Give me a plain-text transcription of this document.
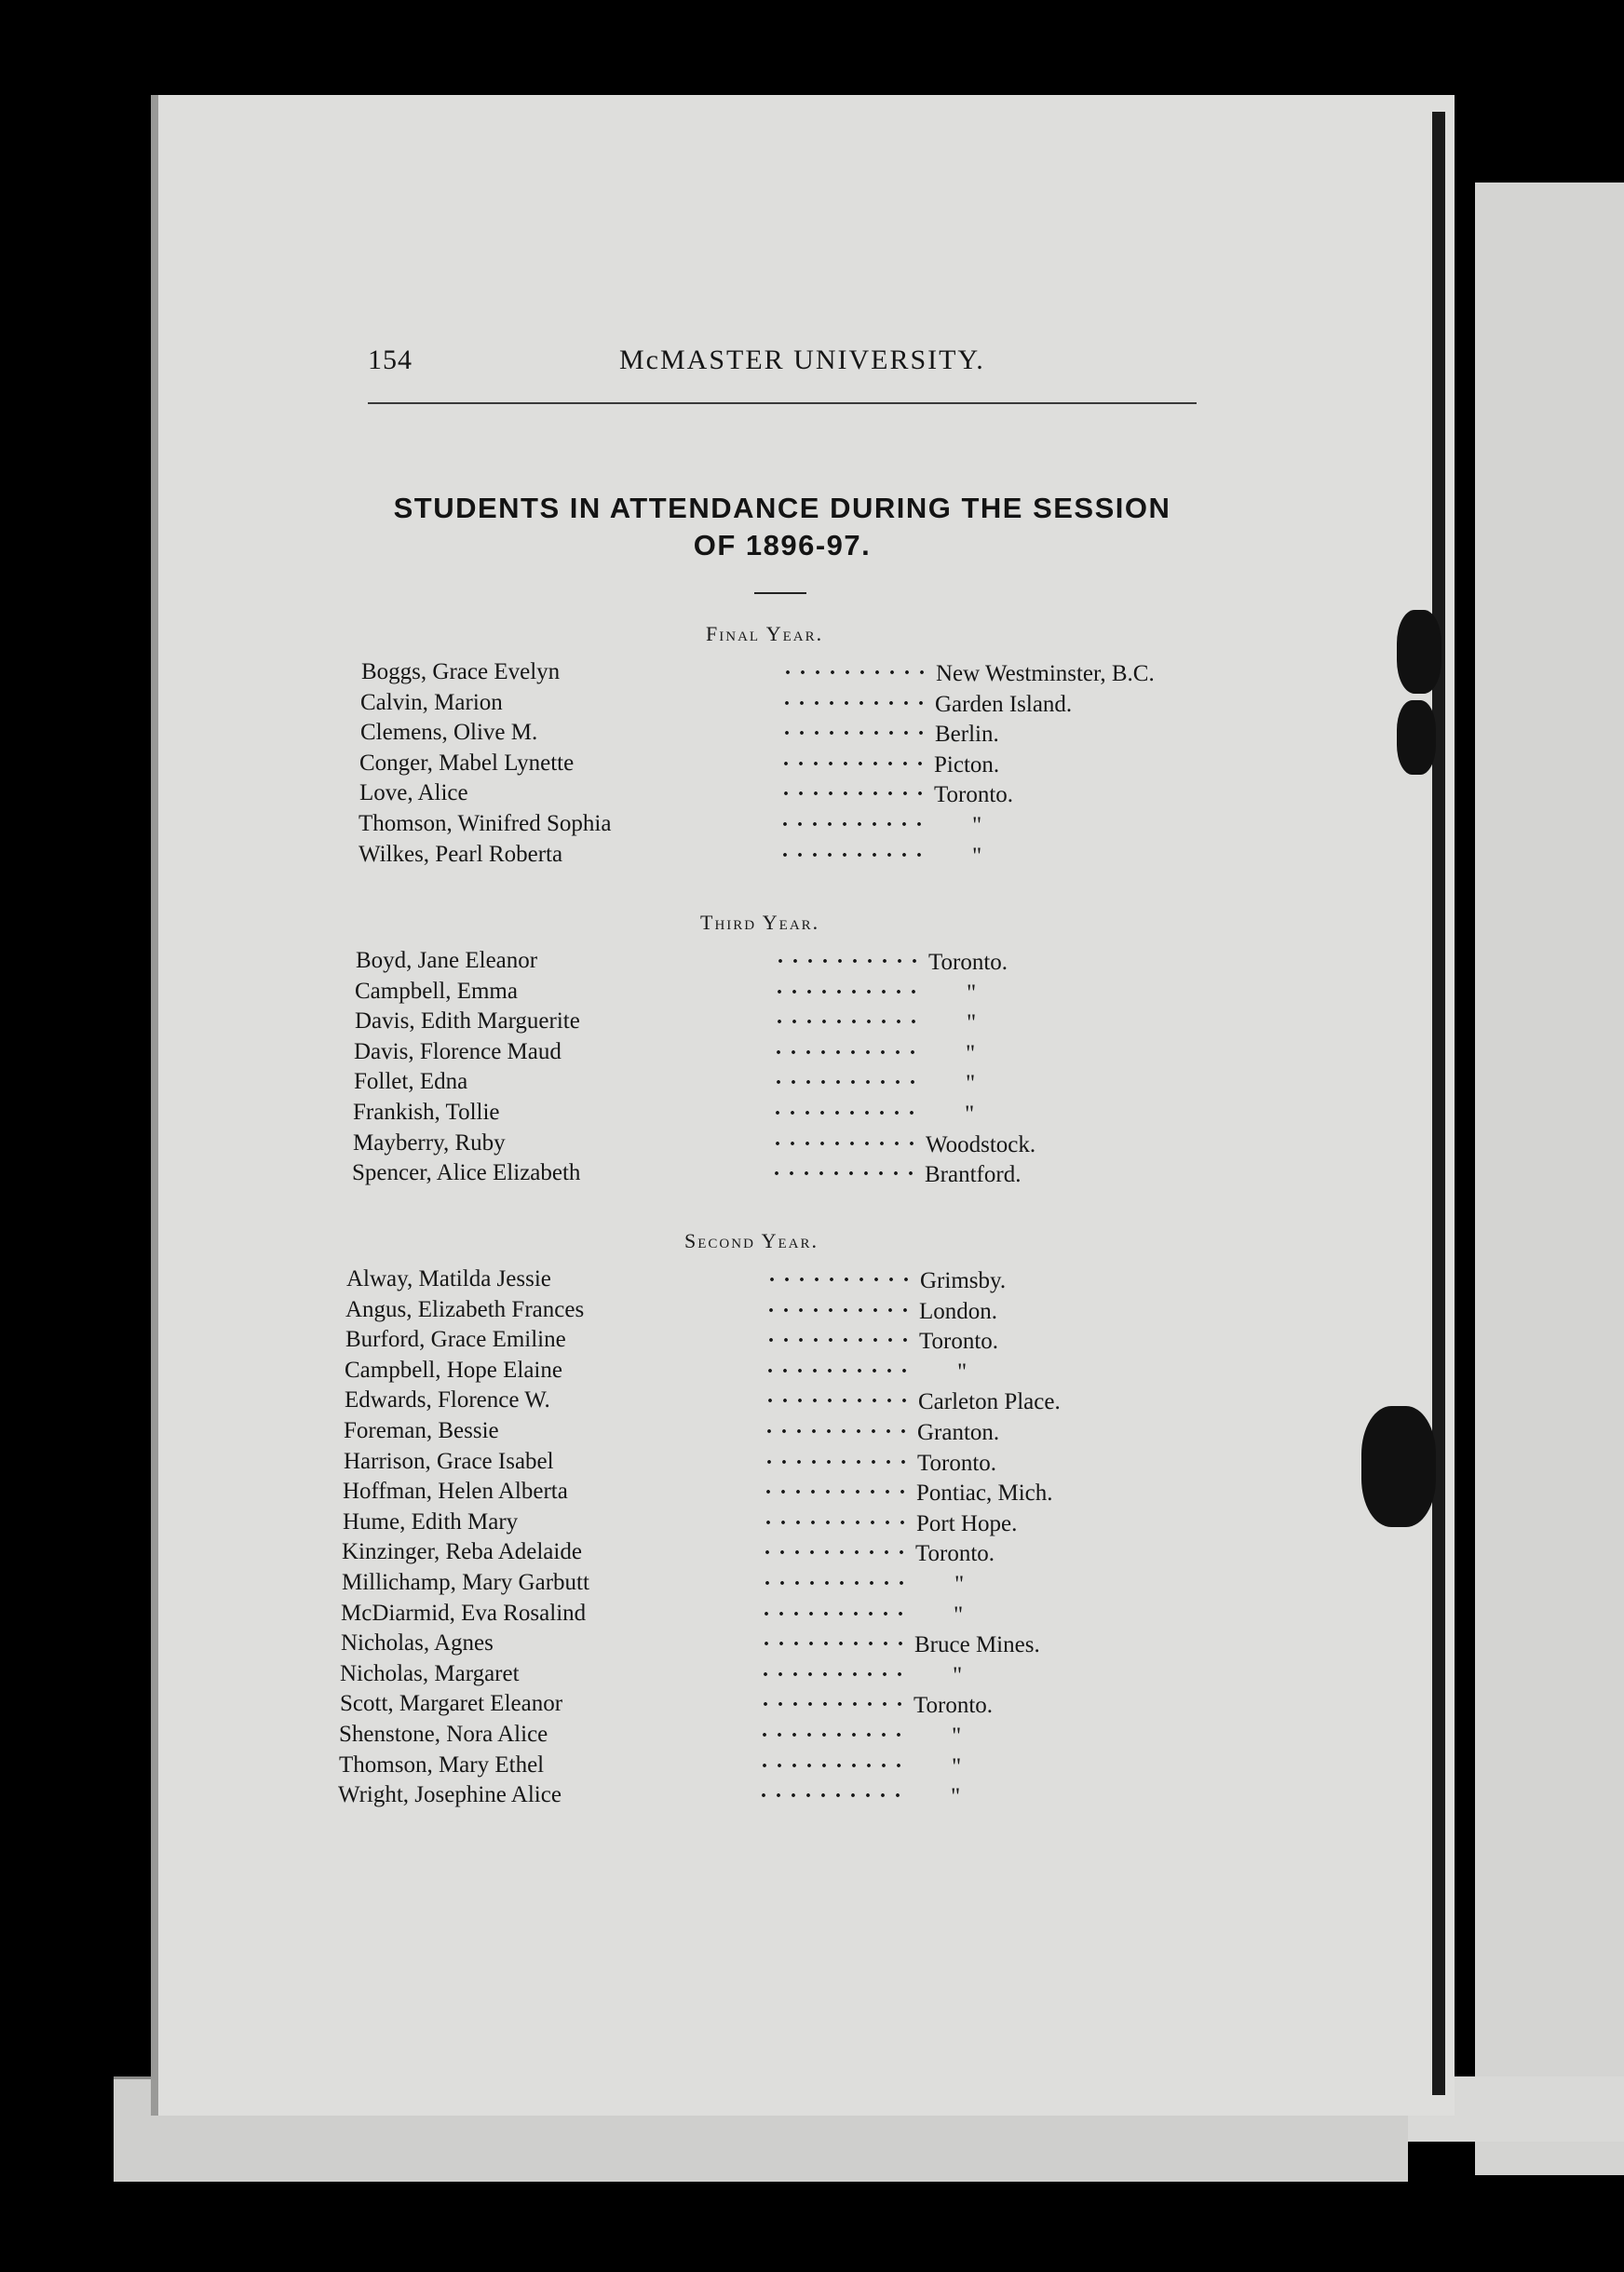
154	McMASTER UNIVERSITY.
STUDENTS IN ATTENDANCE DURING THE SESSION
OF 1896-97.
Final Year.
Boggs, Grace Evelyn	. . . . . . . . . . New Westminster, B.C.
Calvin, Marion	. . . . . . . . . . Garden Island.
Clemens, Olive M.	. . . . . . . . . . Berlin.
Conger, Mabel Lynette	. . . . . . . . . . Picton.
Love, Alice	. . . . . . . . . . Toronto.
Thomson, Winifred Sophia	. . . . . . . . . . "
Wilkes, Pearl Roberta	. . . . . . . . . . "
Third Year.
Boyd, Jane Eleanor	. . . . . . . . . . Toronto.
Campbell, Emma	. . . . . . . . . . "
Davis, Edith Marguerite	. . . . . . . . . . "
Davis, Florence Maud	. . . . . . . . . . "
Follet, Edna	. . . . . . . . . . "
Frankish, Tollie	. . . . . . . . . . "
Mayberry, Ruby	. . . . . . . . . . Woodstock.
Spencer, Alice Elizabeth	. . . . . . . . . . Brantford.
Second Year.
Alway, Matilda Jessie	. . . . . . . . . . Grimsby.
Angus, Elizabeth Frances	. . . . . . . . . . London.
Burford, Grace Emiline	. . . . . . . . . . Toronto.
Campbell, Hope Elaine	. . . . . . . . . . "
Edwards, Florence W.	. . . . . . . . . . Carleton Place.
Foreman, Bessie	. . . . . . . . . . Granton.
Harrison, Grace Isabel	. . . . . . . . . . Toronto.
Hoffman, Helen Alberta	. . . . . . . . . . Pontiac, Mich.
Hume, Edith Mary	. . . . . . . . . . Port Hope.
Kinzinger, Reba Adelaide	. . . . . . . . . . Toronto.
Millichamp, Mary Garbutt	. . . . . . . . . . "
McDiarmid, Eva Rosalind	. . . . . . . . . . "
Nicholas, Agnes	. . . . . . . . . . Bruce Mines.
Nicholas, Margaret	. . . . . . . . . . "
Scott, Margaret Eleanor	. . . . . . . . . . Toronto.
Shenstone, Nora Alice	. . . . . . . . . . "
Thomson, Mary Ethel	. . . . . . . . . . "
Wright, Josephine Alice	. . . . . . . . . . "
